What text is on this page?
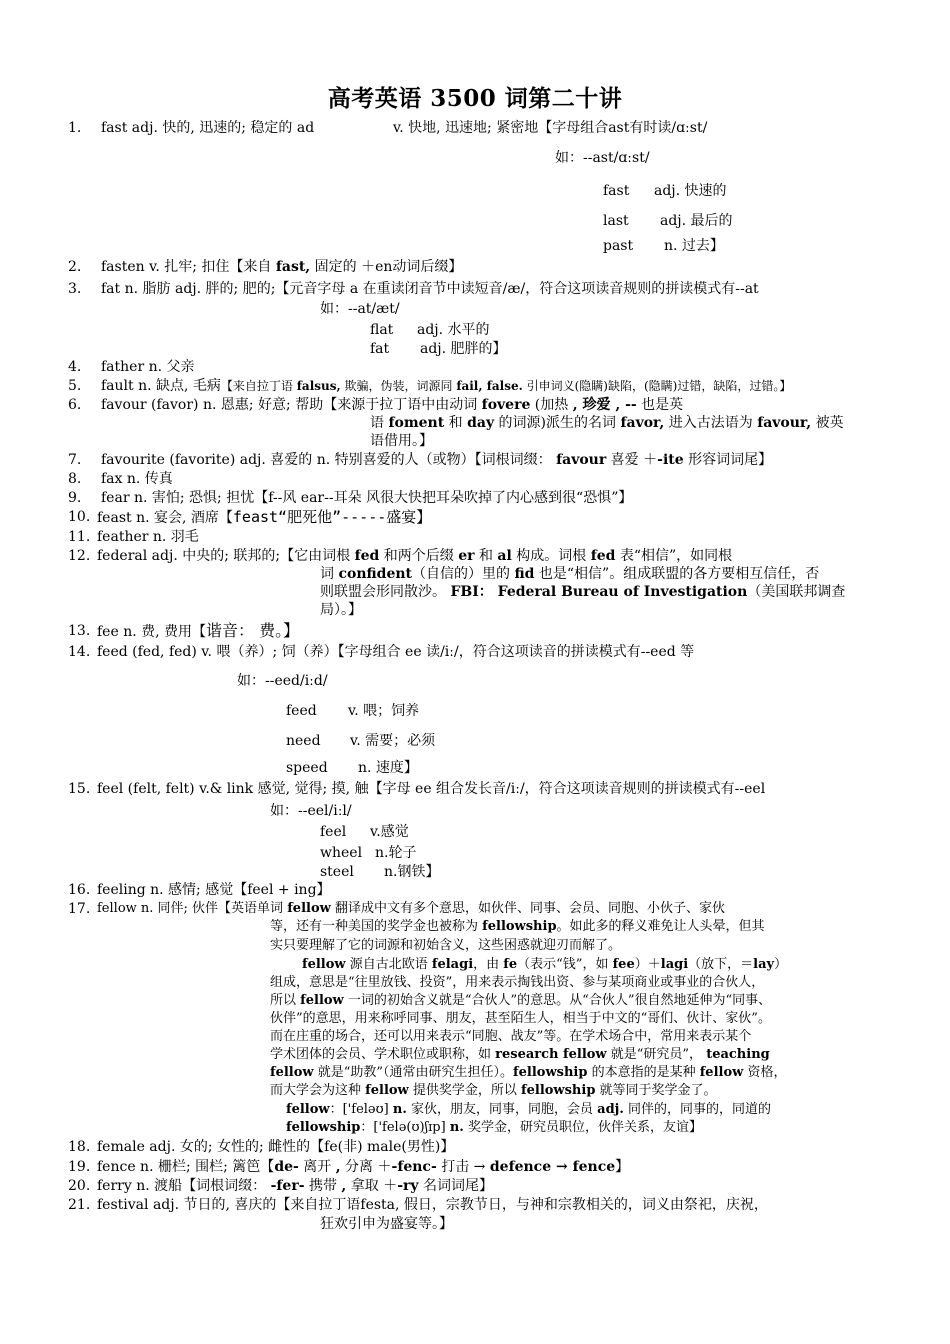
高考英语 3500 词第二十讲
1. fast adj. 快的, 迅速的; 稳定的 ad	v. 快地, 迅速地; 紧密地【字母组合ast有时读/ɑːst/
如：--ast/ɑːst/
fast adj. 快速的
last adj. 最后的
past n. 过去】
2. fasten v. 扎牢; 扣住【来自 fast, 固定的 ＋en动词后缀】
3. fat n. 脂肪 adj. 胖的; 肥的;【元音字母 a 在重读闭音节中读短音/æ/，符合这项读音规则的拼读模式有--at
如：--at/æt/
flat adj. 水平的
fat adj. 肥胖的】
4. father n. 父亲
5. fault n. 缺点, 毛病【来自拉丁语 falsus, 欺骗，伪装，词源同 fail, false. 引申词义(隐瞒)缺陷，(隐瞒)过错，缺陷，过错。】
6. favour (favor) n. 恩惠; 好意; 帮助【来源于拉丁语中由动词 fovere (加热 , 珍爱 , -- 也是英
语 foment 和 day 的词源)派生的名词 favor, 进入古法语为 favour, 被英
语借用。】
7. favourite (favorite) adj. 喜爱的 n. 特别喜爱的人（或物）【词根词缀： favour 喜爱 ＋-ite 形容词词尾】
8. fax n. 传真
9. fear n. 害怕; 恐惧; 担忧【f--风 ear--耳朵 风很大快把耳朵吹掉了内心感到很“恐惧”】
10. feast n. 宴会, 酒席【feast“肥死他”-----盛宴】
11. feather n. 羽毛
12. federal adj. 中央的; 联邦的;【它由词根 fed 和两个后缀 er 和 al 构成。词根 fed 表“相信”，如同根
词 confident（自信的）里的 fid 也是“相信”。组成联盟的各方要相互信任，否
则联盟会形同散沙。 FBI： Federal Bureau of Investigation（美国联邦调查
局）。】
13. fee n. 费, 费用【谐音： 费。】
14. feed (fed, fed) v. 喂（养）; 饲（养）【字母组合 ee 读/iː/，符合这项读音的拼读模式有--eed 等
如：--eed/iːd/
feed v. 喂；饲养
need v. 需要；必须
speed n. 速度】
15. feel (felt, felt) v.& link 感觉, 觉得; 摸, 触【字母 ee 组合发长音/iː/，符合这项读音规则的拼读模式有--eel
如：--eel/iːl/
feel v.感觉
wheel n.轮子
steel n.钢铁】
16. feeling n. 感情; 感觉【feel + ing】
17. fellow n. 同伴; 伙伴【英语单词 fellow 翻译成中文有多个意思，如伙伴、同事、会员、同胞、小伙子、家伙
等，还有一种美国的奖学金也被称为 fellowship。如此多的释义难免让人头晕，但其
实只要理解了它的词源和初始含义，这些困惑就迎刃而解了。
fellow 源自古北欧语 felagi，由 fe（表示“钱”，如 fee）＋lagi（放下，＝lay）
组成，意思是“往里放钱、投资”，用来表示掏钱出资、参与某项商业或事业的合伙人，
所以 fellow 一词的初始含义就是“合伙人”的意思。从“合伙人”很自然地延伸为“同事、
伙伴”的意思，用来称呼同事、朋友，甚至陌生人，相当于中文的“哥们、伙计、家伙”。
而在庄重的场合，还可以用来表示“同胞、战友”等。在学术场合中，常用来表示某个
学术团体的会员、学术职位或职称，如 research fellow 就是“研究员”， teaching
fellow 就是“助教”（通常由研究生担任）。fellowship 的本意指的是某种 fellow 资格，
而大学会为这种 fellow 提供奖学金，所以 fellowship 就等同于奖学金了。
fellow：['feləʊ] n. 家伙，朋友，同事，同胞，会员 adj. 同伴的，同事的，同道的
fellowship：['felə(ʊ)ʃɪp] n. 奖学金，研究员职位，伙伴关系，友谊】
18. female adj. 女的; 女性的; 雌性的【fe(非) male(男性)】
19. fence n. 栅栏; 围栏; 篱笆【de- 离开 , 分离 ＋-fenc- 打击 → defence → fence】
20. ferry n. 渡船【词根词缀： -fer- 携带 , 拿取 ＋-ry 名词词尾】
21. festival adj. 节日的, 喜庆的【来自拉丁语festa, 假日，宗教节日，与神和宗教相关的，词义由祭祀，庆祝，
狂欢引申为盛宴等。】
